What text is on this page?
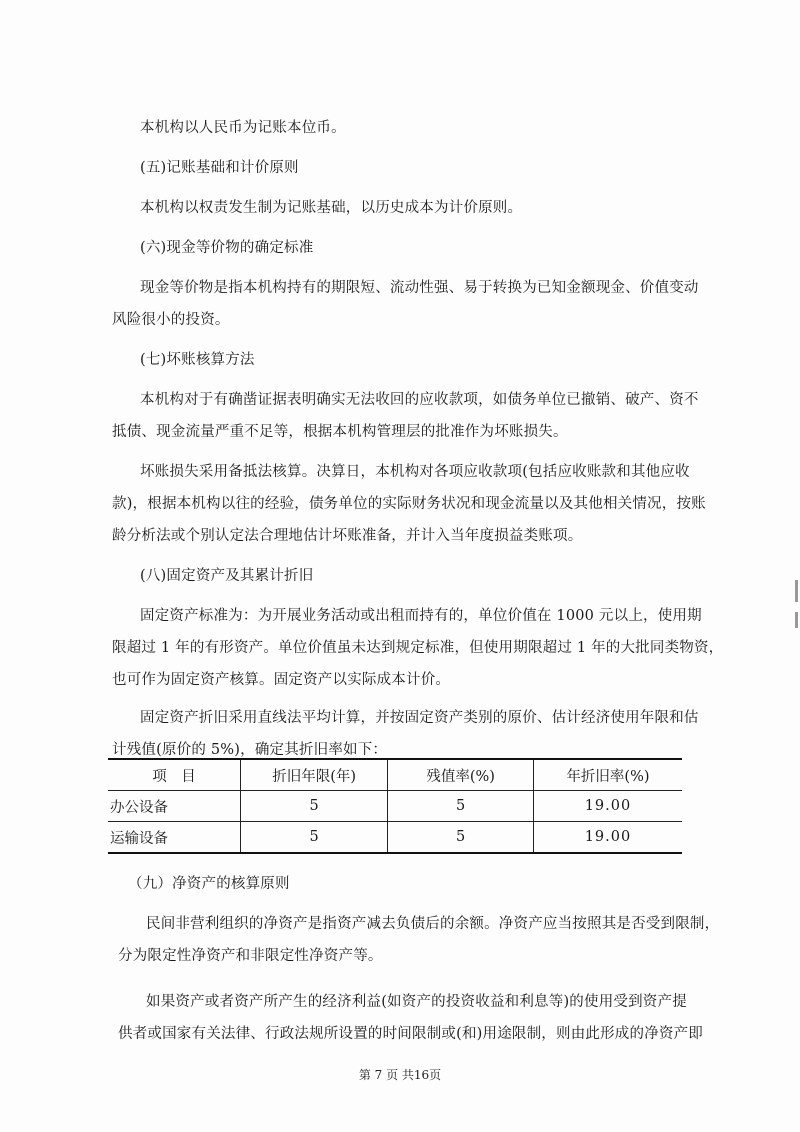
本机构以人民币为记账本位币。
(五)记账基础和计价原则
本机构以权责发生制为记账基础，以历史成本为计价原则。
(六)现金等价物的确定标准
现金等价物是指本机构持有的期限短、流动性强、易于转换为已知金额现金、价值变动
风险很小的投资。
(七)坏账核算方法
本机构对于有确凿证据表明确实无法收回的应收款项，如债务单位已撤销、破产、资不
抵债、现金流量严重不足等，根据本机构管理层的批准作为坏账损失。
坏账损失采用备抵法核算。决算日，本机构对各项应收款项(包括应收账款和其他应收
款)，根据本机构以往的经验，债务单位的实际财务状况和现金流量以及其他相关情况，按账
龄分析法或个别认定法合理地估计坏账准备，并计入当年度损益类账项。
(八)固定资产及其累计折旧
固定资产标准为：为开展业务活动或出租而持有的，单位价值在 1000 元以上，使用期
限超过 1 年的有形资产。单位价值虽未达到规定标准，但使用期限超过 1 年的大批同类物资，
也可作为固定资产核算。固定资产以实际成本计价。
固定资产折旧采用直线法平均计算，并按固定资产类别的原价、估计经济使用年限和估
计残值(原价的 5%)，确定其折旧率如下：
项　目	折旧年限(年)	残值率(%)	年折旧率(%)
办公设备	5	5	19.00
运输设备	5	5	19.00
（九）净资产的核算原则
民间非营利组织的净资产是指资产减去负债后的余额。净资产应当按照其是否受到限制，
分为限定性净资产和非限定性净资产等。
如果资产或者资产所产生的经济利益(如资产的投资收益和利息等)的使用受到资产提
供者或国家有关法律、行政法规所设置的时间限制或(和)用途限制，则由此形成的净资产即
第 7 页 共16页
